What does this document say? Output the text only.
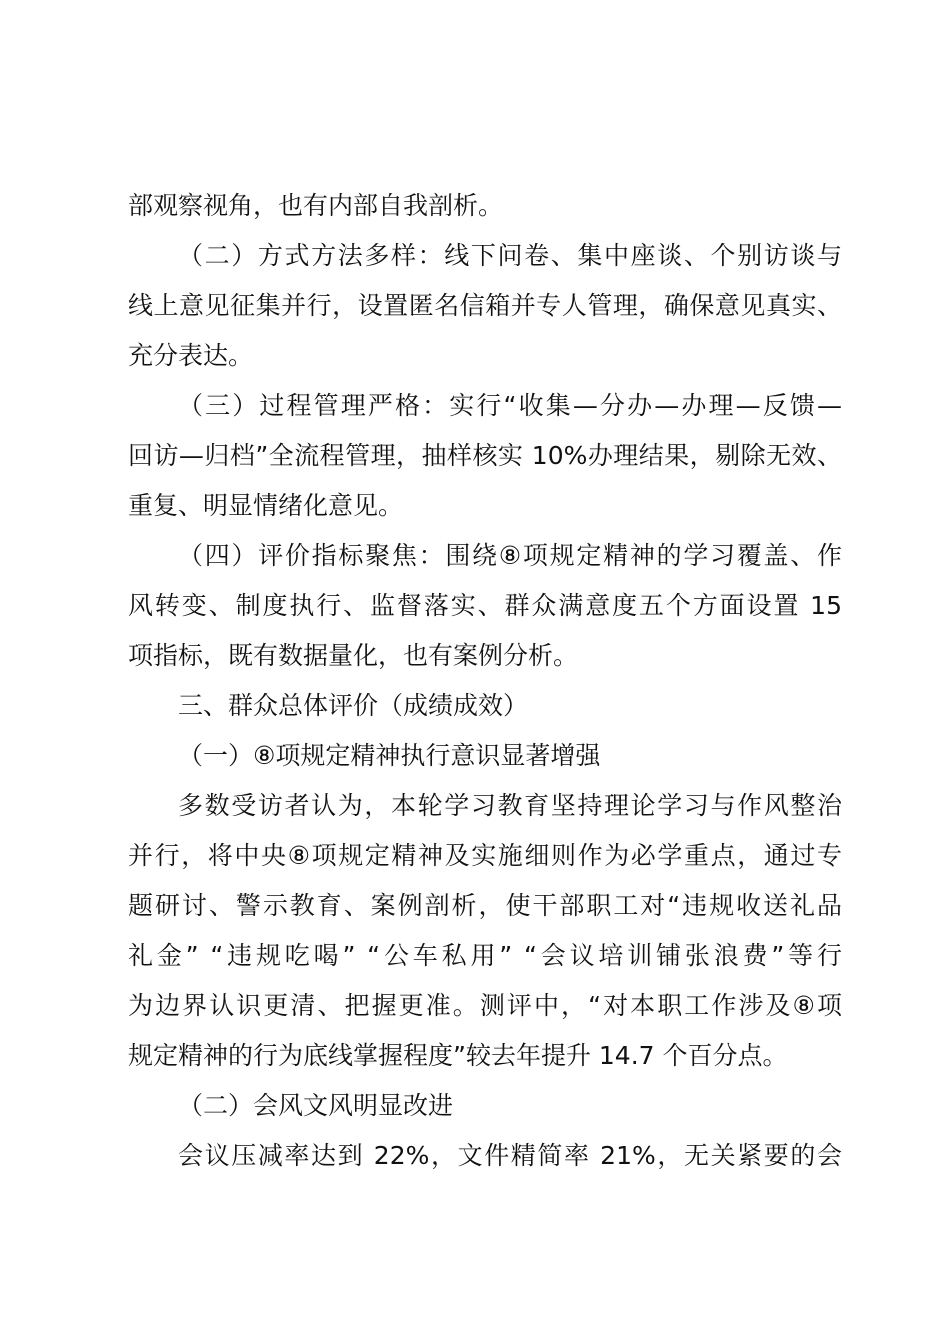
部观察视角，也有内部自我剖析。
（二）方式方法多样：线下问卷、集中座谈、个别访谈与
线上意见征集并行，设置匿名信箱并专人管理，确保意见真实、
充分表达。
（三）过程管理严格：实行“收集—分办—办理—反馈—
回访—归档”全流程管理，抽样核实 10%办理结果，剔除无效、
重复、明显情绪化意见。
（四）评价指标聚焦：围绕⑧项规定精神的学习覆盖、作
风转变、制度执行、监督落实、群众满意度五个方面设置 15
项指标，既有数据量化，也有案例分析。
三、群众总体评价（成绩成效）
（一）⑧项规定精神执行意识显著增强
多数受访者认为，本轮学习教育坚持理论学习与作风整治
并行，将中央⑧项规定精神及实施细则作为必学重点，通过专
题研讨、警示教育、案例剖析，使干部职工对“违规收送礼品
礼金” “违规吃喝” “公车私用” “会议培训铺张浪费”等行
为边界认识更清、把握更准。测评中，“对本职工作涉及⑧项
规定精神的行为底线掌握程度”较去年提升 14.7 个百分点。
（二）会风文风明显改进
会议压减率达到 22%，文件精简率 21%，无关紧要的会
